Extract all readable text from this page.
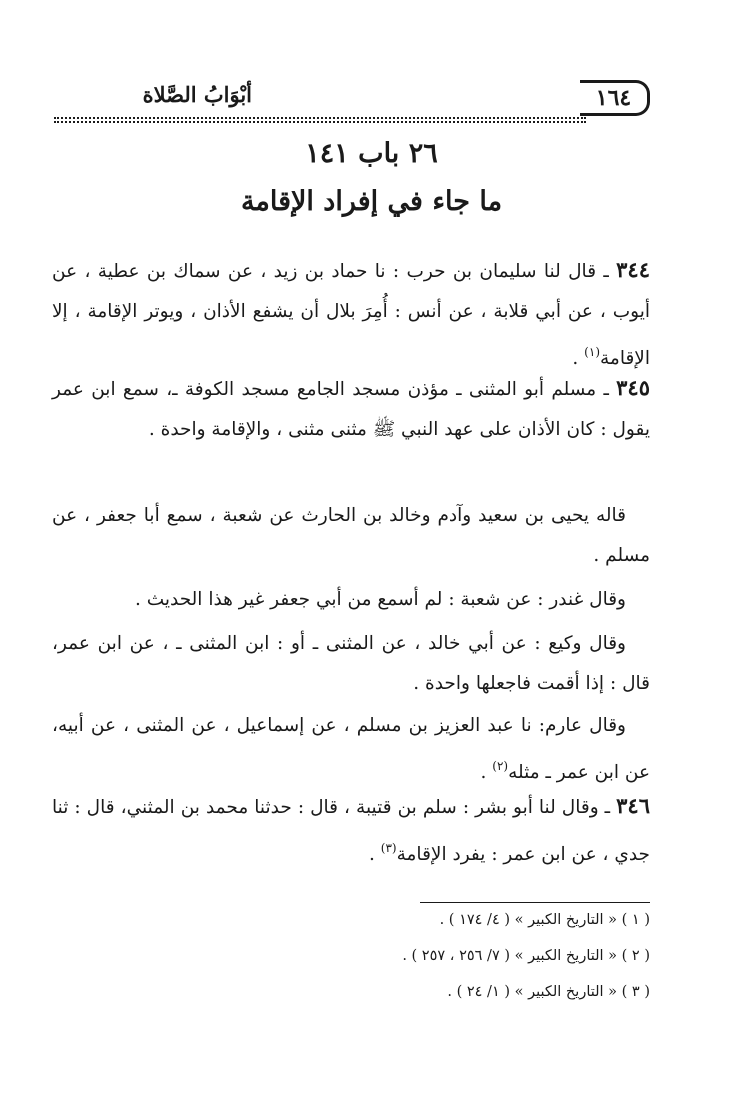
أبْوَابُ الصَّلاة	١٦٤
٢٦ باب ١٤١
ما جاء في إفراد الإقامة
٣٤٤ ـ قال لنا سليمان بن حرب : نا حماد بن زيد ، عن سماك بن عطية ، عن أيوب ، عن أبي قلابة ، عن أنس : أُمِرَ بلال أن يشفع الأذان ، ويوتر الإقامة ، إلا الإقامة$^{(١)}$ .
٣٤٥ ـ مسلم أبو المثنى ـ مؤذن مسجد الجامع مسجد الكوفة ـ، سمع ابن عمر يقول : كان الأذان على عهد النبي ﷺ مثنى مثنى ، والإقامة واحدة .
قاله يحيى بن سعيد وآدم وخالد بن الحارث عن شعبة ، سمع أبا جعفر ، عن مسلم .
وقال غندر : عن شعبة : لم أسمع من أبي جعفر غير هذا الحديث .
وقال وكيع : عن أبي خالد ، عن المثنى ـ أو : ابن المثنى ـ ، عن ابن عمر، قال : إذا أقمت فاجعلها واحدة .
وقال عارم: نا عبد العزيز بن مسلم ، عن إسماعيل ، عن المثنى ، عن أبيه، عن ابن عمر ـ مثله$^{(٢)}$ .
٣٤٦ ـ وقال لنا أبو بشر : سلم بن قتيبة ، قال : حدثنا محمد بن المثني، قال : ثنا جدي ، عن ابن عمر : يفرد الإقامة$^{(٣)}$ .
( ١ ) « التاريخ الكبير » ( ٤/ ١٧٤ ) .
( ٢ ) « التاريخ الكبير » ( ٧/ ٢٥٦ ، ٢٥٧ ) .
( ٣ ) « التاريخ الكبير » ( ١/ ٢٤ ) .
